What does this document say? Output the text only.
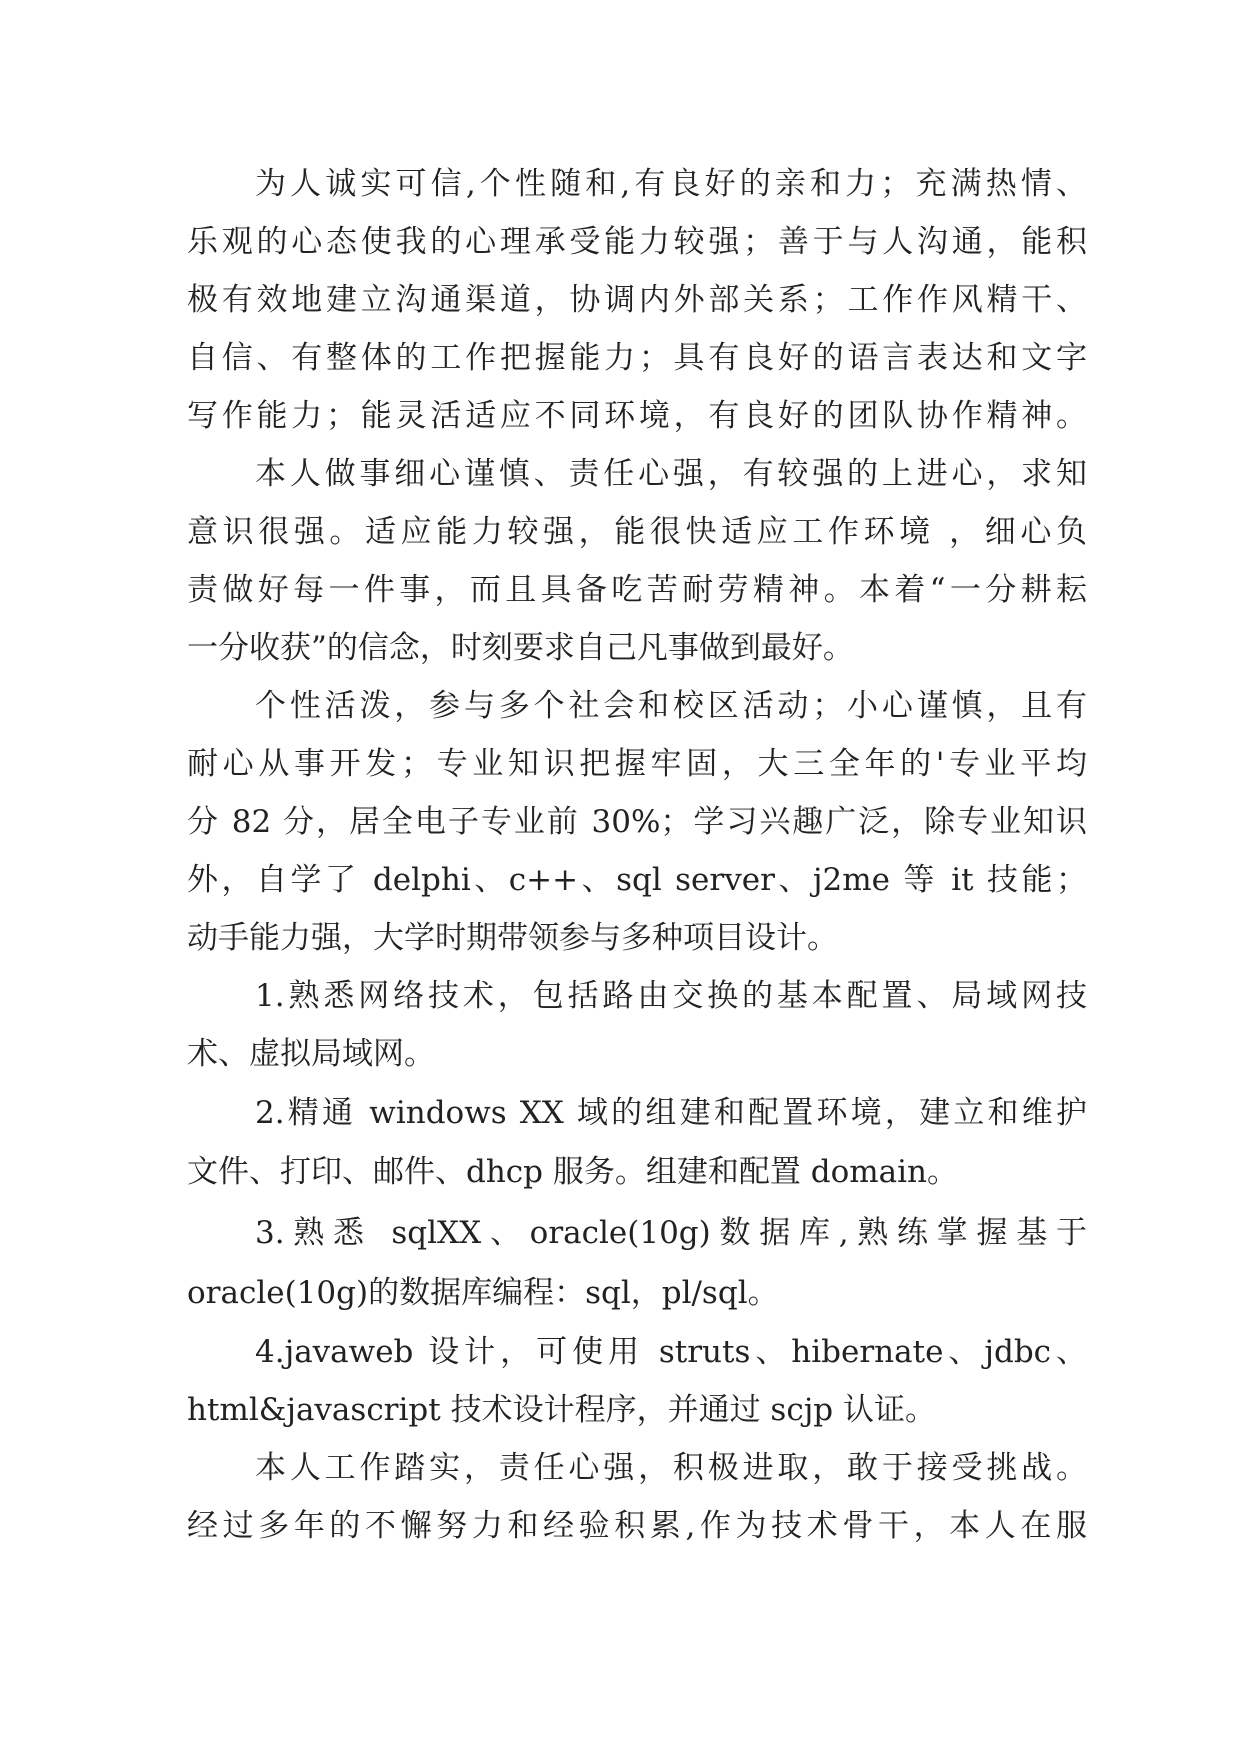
为人诚实可信,个性随和,有良好的亲和力；充满热情、
乐观的心态使我的心理承受能力较强；善于与人沟通，能积
极有效地建立沟通渠道，协调内外部关系；工作作风精干、
自信、有整体的工作把握能力；具有良好的语言表达和文字
写作能力；能灵活适应不同环境，有良好的团队协作精神。
本人做事细心谨慎、责任心强，有较强的上进心，求知
意识很强。适应能力较强，能很快适应工作环境 ，细心负
责做好每一件事，而且具备吃苦耐劳精神。本着“一分耕耘
一分收获”的信念，时刻要求自己凡事做到最好。
个性活泼，参与多个社会和校区活动；小心谨慎，且有
耐心从事开发；专业知识把握牢固，大三全年的'专业平均
分 82 分，居全电子专业前 30%；学习兴趣广泛，除专业知识
外，自学了 delphi、c++、sql server、j2me 等 it 技能；
动手能力强，大学时期带领参与多种项目设计。
1.熟悉网络技术，包括路由交换的基本配置、局域网技
术、虚拟局域网。
2.精通 windows XX 域的组建和配置环境，建立和维护
文件、打印、邮件、dhcp 服务。组建和配置 domain。
3.熟悉 sqlXX、oracle(10g)数据库,熟练掌握基于
oracle(10g)的数据库编程：sql，pl/sql。
4.javaweb 设计，可使用 struts、hibernate、jdbc、
html&javascript 技术设计程序，并通过 scjp 认证。
本人工作踏实，责任心强，积极进取，敢于接受挑战。
经过多年的不懈努力和经验积累,作为技术骨干，本人在服
